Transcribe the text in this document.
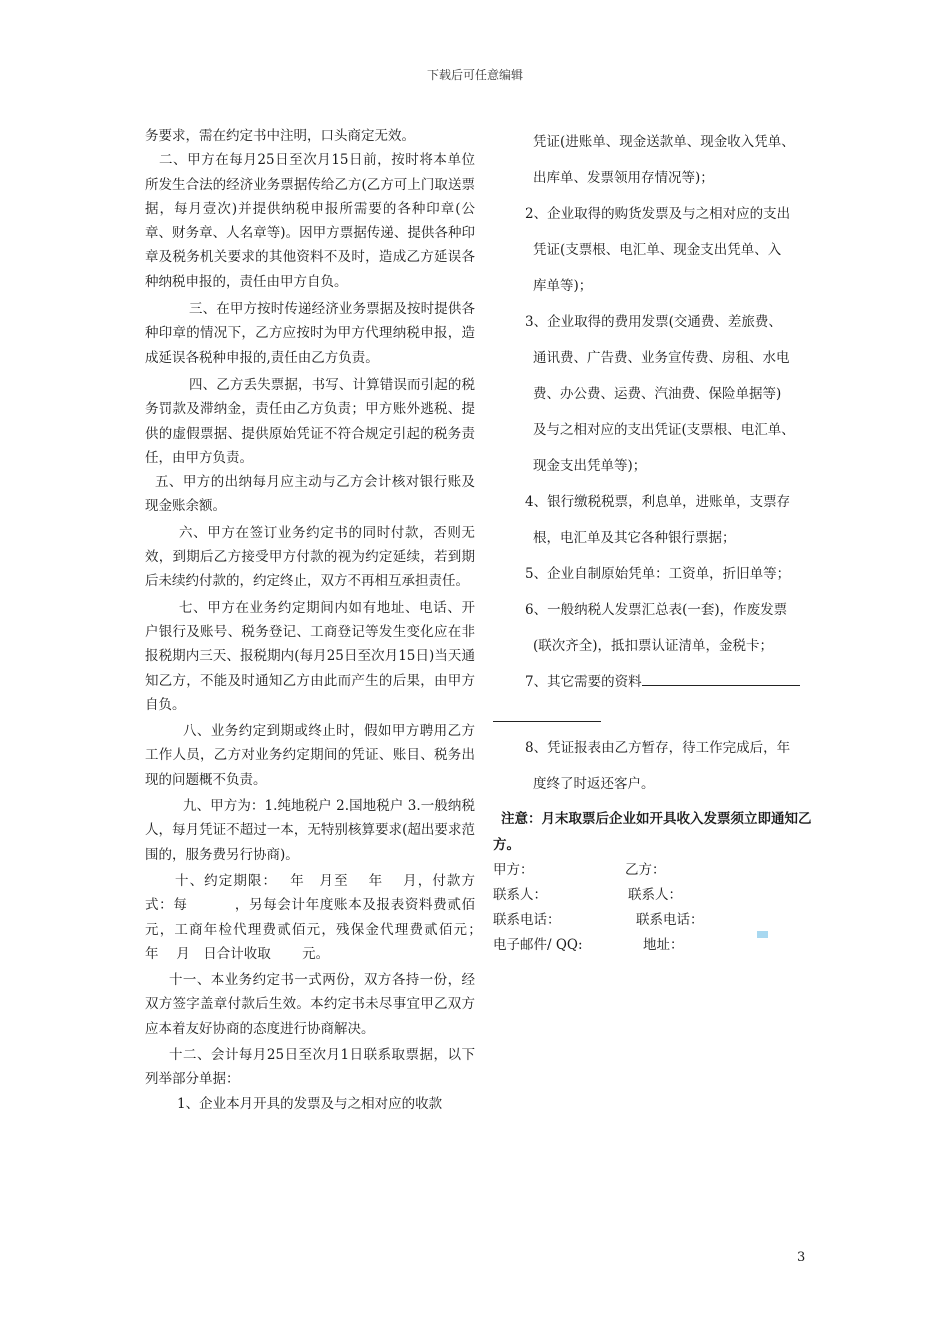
下载后可任意编辑

务要求，需在约定书中注明，口头商定无效。

二、甲方在每月25日至次月15日前，按时将本单位所发生合法的经济业务票据传给乙方(乙方可上门取送票据，每月壹次)并提供纳税申报所需要的各种印章(公章、财务章、人名章等)。因甲方票据传递、提供各种印章及税务机关要求的其他资料不及时，造成乙方延误各种纳税申报的，责任由甲方自负。

三、在甲方按时传递经济业务票据及按时提供各种印章的情况下，乙方应按时为甲方代理纳税申报，造成延误各税种申报的,责任由乙方负责。

四、乙方丢失票据，书写、计算错误而引起的税务罚款及滞纳金，责任由乙方负责；甲方账外逃税、提供的虚假票据、提供原始凭证不符合规定引起的税务责任，由甲方负责。

五、甲方的出纳每月应主动与乙方会计核对银行账及现金账余额。

六、甲方在签订业务约定书的同时付款，否则无效，到期后乙方接受甲方付款的视为约定延续，若到期后未续约付款的，约定终止，双方不再相互承担责任。

七、甲方在业务约定期间内如有地址、电话、开户银行及账号、税务登记、工商登记等发生变化应在非报税期内三天、报税期内(每月25日至次月15日)当天通知乙方，不能及时通知乙方由此而产生的后果，由甲方自负。

八、业务约定到期或终止时，假如甲方聘用乙方工作人员，乙方对业务约定期间的凭证、账目、税务出现的问题概不负责。

九、甲方为：1.纯地税户 2.国地税户 3.一般纳税人，每月凭证不超过一本，无特别核算要求(超出要求范围的，服务费另行协商)。

十、约定期限：　 年　月至　 年　 月，付款方式：每　　　 ，另每会计年度账本及报表资料费贰佰元，工商年检代理费贰佰元，残保金代理费贰佰元；　 年　 月　日合计收取　　 元。

十一、本业务约定书一式两份，双方各持一份，经双方签字盖章付款后生效。本约定书未尽事宜甲乙双方应本着友好协商的态度进行协商解决。

十二、会计每月25日至次月1日联系取票据，以下列举部分单据：

1、企业本月开具的发票及与之相对应的收款

凭证(进账单、现金送款单、现金收入凭单、

出库单、发票领用存情况等)；

2、企业取得的购货发票及与之相对应的支出

凭证(支票根、电汇单、现金支出凭单、入

库单等)；

3、企业取得的费用发票(交通费、差旅费、

通讯费、广告费、业务宣传费、房租、水电

费、办公费、运费、汽油费、保险单据等)

及与之相对应的支出凭证(支票根、电汇单、

现金支出凭单等)；

4、银行缴税税票，利息单，进账单，支票存

根，电汇单及其它各种银行票据；

5、企业自制原始凭单：工资单，折旧单等；

6、一般纳税人发票汇总表(一套)，作废发票

(联次齐全)，抵扣票认证清单，金税卡；

7、其它需要的资料

8、凭证报表由乙方暂存，待工作完成后，年

度终了时返还客户。

注意：月末取票后企业如开具收入发票须立即通知乙方。

甲方：	乙方：

联系人：	联系人：

联系电话：	联系电话：

电子邮件/ QQ:	地址：

3
